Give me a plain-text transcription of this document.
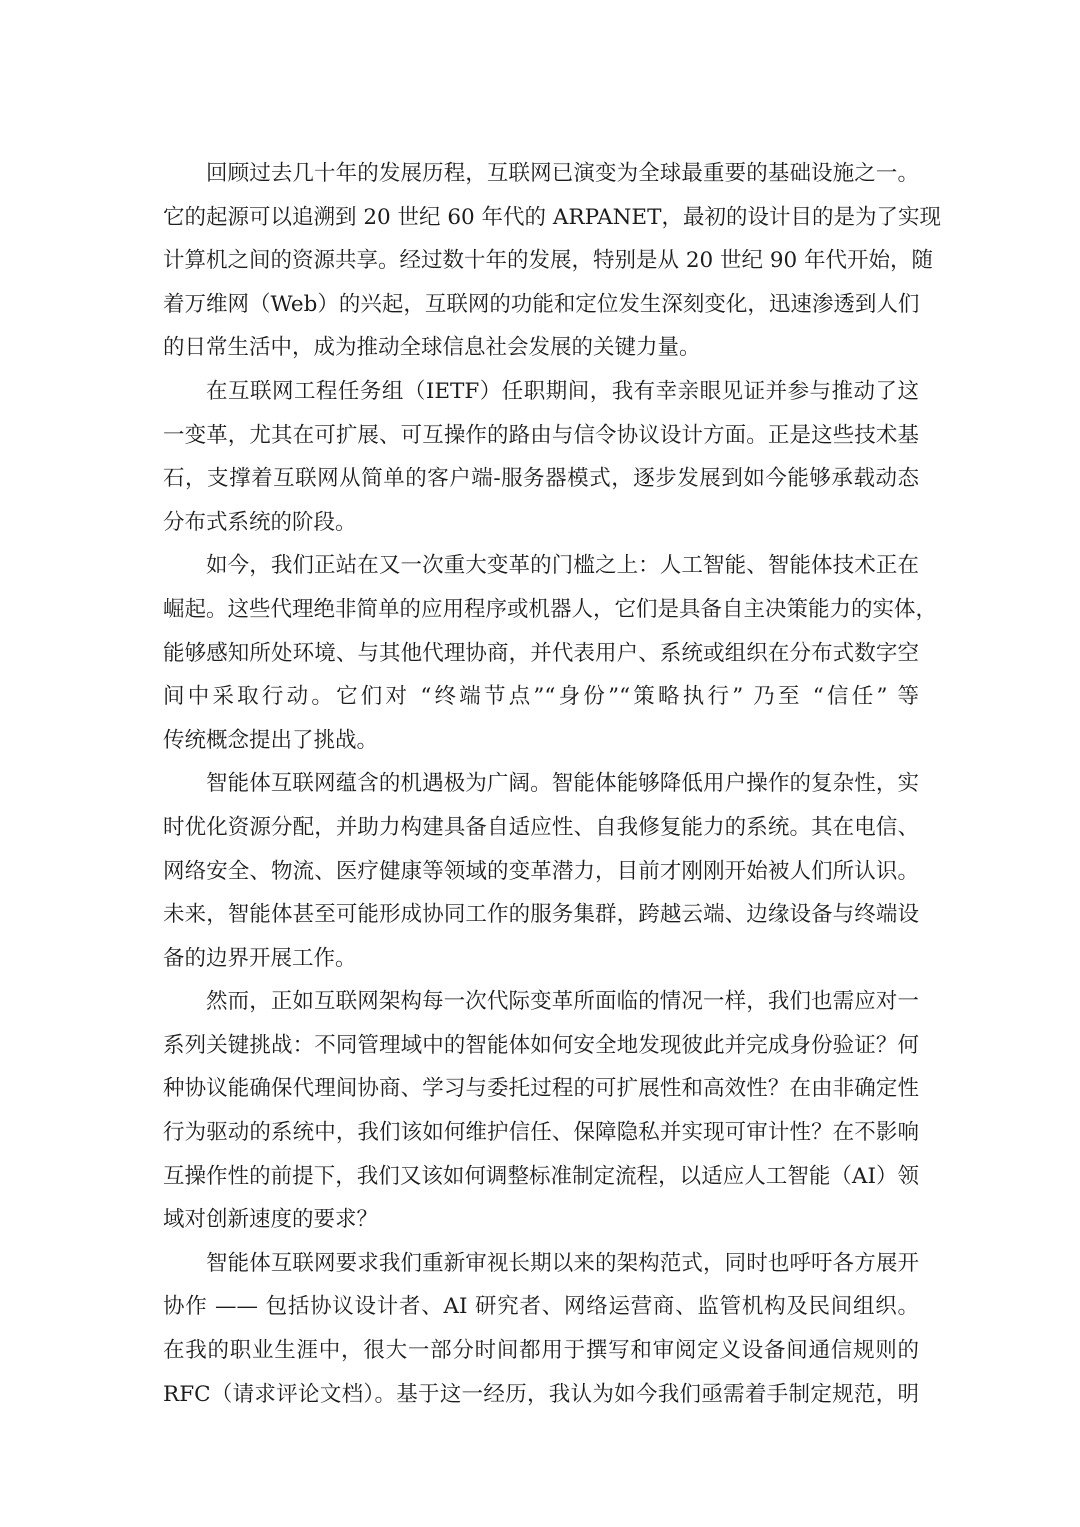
回顾过去几十年的发展历程，互联网已演变为全球最重要的基础设施之一。
它的起源可以追溯到 20 世纪 60 年代的 ARPANET，最初的设计目的是为了实现
计算机之间的资源共享。经过数十年的发展，特别是从 20 世纪 90 年代开始，随
着万维网（Web）的兴起，互联网的功能和定位发生深刻变化，迅速渗透到人们
的日常生活中，成为推动全球信息社会发展的关键力量。
在互联网工程任务组（IETF）任职期间，我有幸亲眼见证并参与推动了这
一变革，尤其在可扩展、可互操作的路由与信令协议设计方面。正是这些技术基
石，支撑着互联网从简单的客户端-服务器模式，逐步发展到如今能够承载动态
分布式系统的阶段。
如今，我们正站在又一次重大变革的门槛之上：人工智能、智能体技术正在
崛起。这些代理绝非简单的应用程序或机器人，它们是具备自主决策能力的实体，
能够感知所处环境、与其他代理协商，并代表用户、系统或组织在分布式数字空
间中采取行动。它们对 “终端节点”“身份”“策略执行” 乃至 “信任” 等
传统概念提出了挑战。
智能体互联网蕴含的机遇极为广阔。智能体能够降低用户操作的复杂性，实
时优化资源分配，并助力构建具备自适应性、自我修复能力的系统。其在电信、
网络安全、物流、医疗健康等领域的变革潜力，目前才刚刚开始被人们所认识。
未来，智能体甚至可能形成协同工作的服务集群，跨越云端、边缘设备与终端设
备的边界开展工作。
然而，正如互联网架构每一次代际变革所面临的情况一样，我们也需应对一
系列关键挑战：不同管理域中的智能体如何安全地发现彼此并完成身份验证？何
种协议能确保代理间协商、学习与委托过程的可扩展性和高效性？在由非确定性
行为驱动的系统中，我们该如何维护信任、保障隐私并实现可审计性？在不影响
互操作性的前提下，我们又该如何调整标准制定流程，以适应人工智能（AI）领
域对创新速度的要求？
智能体互联网要求我们重新审视长期以来的架构范式，同时也呼吁各方展开
协作 —— 包括协议设计者、AI 研究者、网络运营商、监管机构及民间组织。
在我的职业生涯中，很大一部分时间都用于撰写和审阅定义设备间通信规则的
RFC（请求评论文档）。基于这一经历，我认为如今我们亟需着手制定规范，明
